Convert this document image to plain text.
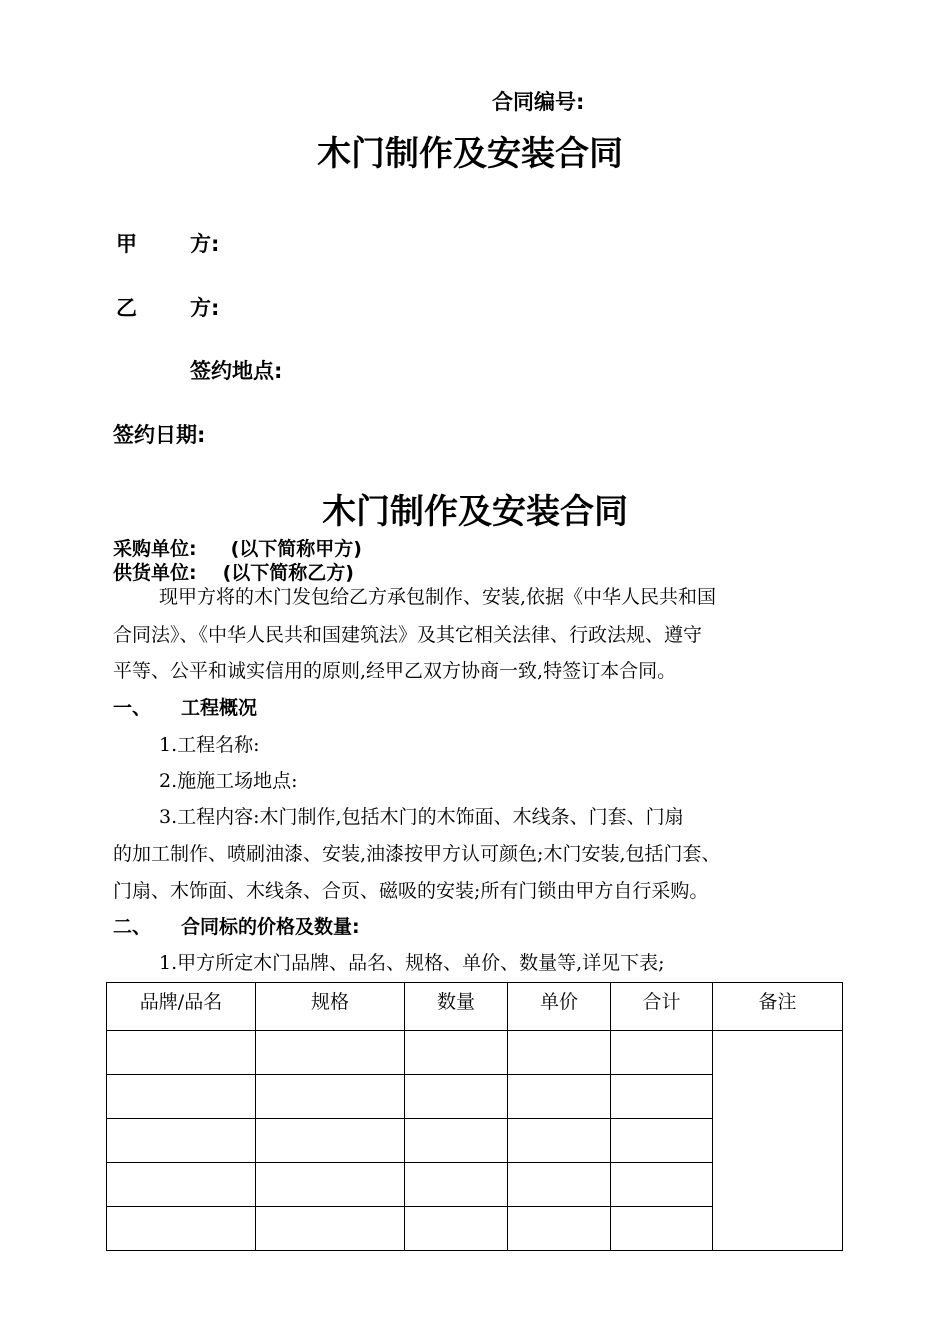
合同编号:
木门制作及安装合同
甲	方:
乙	方:
签约地点:
签约日期:
木门制作及安装合同
采购单位: (以下简称甲方)
供货单位: (以下简称乙方)
现甲方将的木门发包给乙方承包制作、安装,依据《中华人民共和国
合同法》、《中华人民共和国建筑法》及其它相关法律、行政法规、遵守
平等、公平和诚实信用的原则,经甲乙双方协商一致,特签订本合同。
一、 工程概况
1.工程名称:
2.施施工场地点:
3.工程内容:木门制作,包括木门的木饰面、木线条、门套、门扇
的加工制作、喷刷油漆、安装,油漆按甲方认可颜色;木门安装,包括门套、
门扇、木饰面、木线条、合页、磁吸的安装;所有门锁由甲方自行采购。
二、 合同标的价格及数量:
1.甲方所定木门品牌、品名、规格、单价、数量等,详见下表;
品牌/品名	规格	数量	单价	合计	备注
